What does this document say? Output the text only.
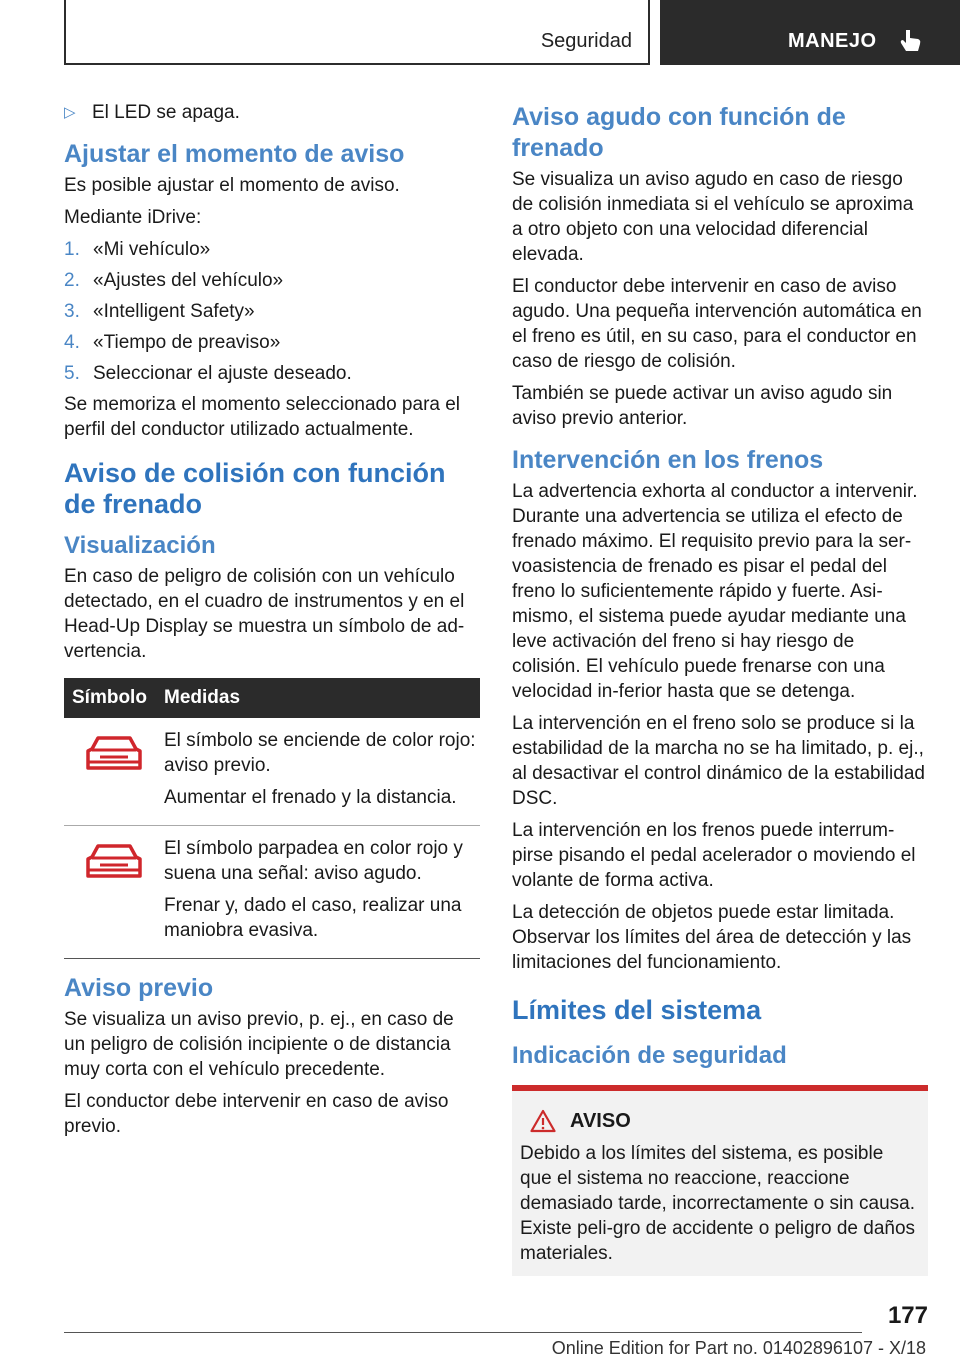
Seguridad	MANEJO
▷ El LED se apaga.
Ajustar el momento de aviso
Es posible ajustar el momento de aviso.
Mediante iDrive:
1. «Mi vehículo»
2. «Ajustes del vehículo»
3. «Intelligent Safety»
4. «Tiempo de preaviso»
5. Seleccionar el ajuste deseado.
Se memoriza el momento seleccionado para el perfil del conductor utilizado actualmente.
Aviso de colisión con función de frenado
Visualización
En caso de peligro de colisión con un vehículo detectado, en el cuadro de instrumentos y en el Head-Up Display se muestra un símbolo de ad-vertencia.
Símbolo Medidas
El símbolo se enciende de color rojo: aviso previo.
Aumentar el frenado y la distancia.
El símbolo parpadea en color rojo y suena una señal: aviso agudo.
Frenar y, dado el caso, realizar una maniobra evasiva.
Aviso previo
Se visualiza un aviso previo, p. ej., en caso de un peligro de colisión incipiente o de distancia muy corta con el vehículo precedente.
El conductor debe intervenir en caso de aviso previo.
Aviso agudo con función de frenado
Se visualiza un aviso agudo en caso de riesgo de colisión inmediata si el vehículo se aproxima a otro objeto con una velocidad diferencial elevada.
El conductor debe intervenir en caso de aviso agudo. Una pequeña intervención automática en el freno es útil, en su caso, para el conductor en caso de riesgo de colisión.
También se puede activar un aviso agudo sin aviso previo anterior.
Intervención en los frenos
La advertencia exhorta al conductor a intervenir. Durante una advertencia se utiliza el efecto de frenado máximo. El requisito previo para la ser-voasistencia de frenado es pisar el pedal del freno lo suficientemente rápido y fuerte. Asi-mismo, el sistema puede ayudar mediante una leve activación del freno si hay riesgo de colisión. El vehículo puede frenarse con una velocidad in-ferior hasta que se detenga.
La intervención en el freno solo se produce si la estabilidad de la marcha no se ha limitado, p. ej., al desactivar el control dinámico de la estabilidad DSC.
La intervención en los frenos puede interrum-pirse pisando el pedal acelerador o moviendo el volante de forma activa.
La detección de objetos puede estar limitada. Observar los límites del área de detección y las limitaciones del funcionamiento.
Límites del sistema
Indicación de seguridad
AVISO
Debido a los límites del sistema, es posible que el sistema no reaccione, reaccione demasiado tarde, incorrectamente o sin causa. Existe peli-gro de accidente o peligro de daños materiales.
177
Online Edition for Part no. 01402896107 - X/18
